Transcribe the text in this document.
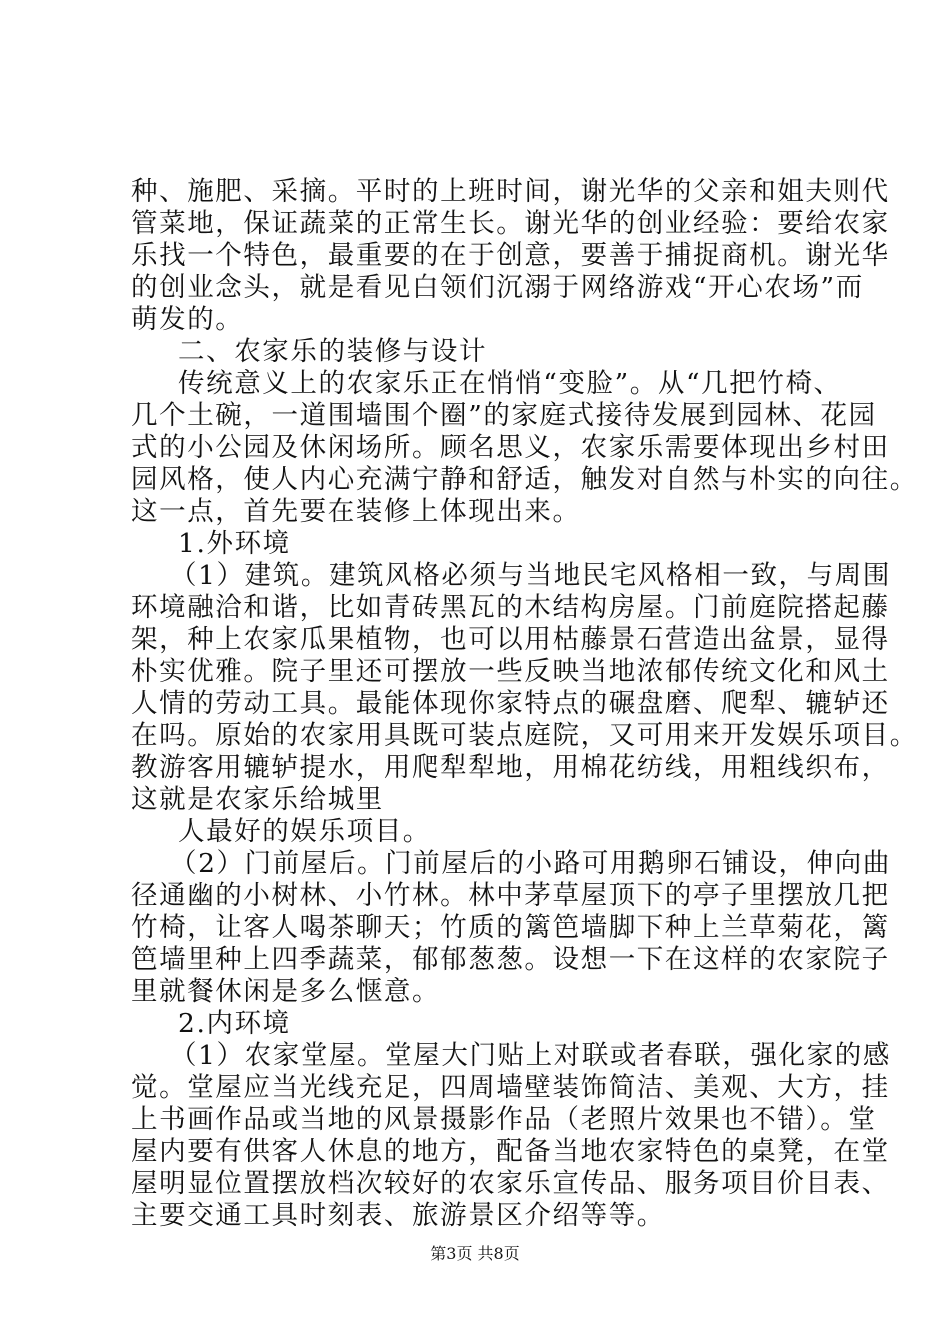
种、施肥、采摘。平时的上班时间，谢光华的父亲和姐夫则代
管菜地，保证蔬菜的正常生长。谢光华的创业经验：要给农家
乐找一个特色，最重要的在于创意，要善于捕捉商机。谢光华
的创业念头，就是看见白领们沉溺于网络游戏“开心农场”而
萌发的。
二、农家乐的装修与设计
传统意义上的农家乐正在悄悄“变脸”。从“几把竹椅、
几个土碗，一道围墙围个圈”的家庭式接待发展到园林、花园
式的小公园及休闲场所。顾名思义，农家乐需要体现出乡村田
园风格，使人内心充满宁静和舒适，触发对自然与朴实的向往。
这一点，首先要在装修上体现出来。
1.外环境
（1）建筑。建筑风格必须与当地民宅风格相一致，与周围
环境融洽和谐，比如青砖黑瓦的木结构房屋。门前庭院搭起藤
架，种上农家瓜果植物，也可以用枯藤景石营造出盆景，显得
朴实优雅。院子里还可摆放一些反映当地浓郁传统文化和风土
人情的劳动工具。最能体现你家特点的碾盘磨、爬犁、辘轳还
在吗。原始的农家用具既可装点庭院，又可用来开发娱乐项目。
教游客用辘轳提水，用爬犁犁地，用棉花纺线，用粗线织布，
这就是农家乐给城里
人最好的娱乐项目。
（2）门前屋后。门前屋后的小路可用鹅卵石铺设，伸向曲
径通幽的小树林、小竹林。林中茅草屋顶下的亭子里摆放几把
竹椅，让客人喝茶聊天；竹质的篱笆墙脚下种上兰草菊花，篱
笆墙里种上四季蔬菜，郁郁葱葱。设想一下在这样的农家院子
里就餐休闲是多么惬意。
2.内环境
（1）农家堂屋。堂屋大门贴上对联或者春联，强化家的感
觉。堂屋应当光线充足，四周墙壁装饰简洁、美观、大方，挂
上书画作品或当地的风景摄影作品（老照片效果也不错）。堂
屋内要有供客人休息的地方，配备当地农家特色的桌凳，在堂
屋明显位置摆放档次较好的农家乐宣传品、服务项目价目表、
主要交通工具时刻表、旅游景区介绍等等。
第3页 共8页
